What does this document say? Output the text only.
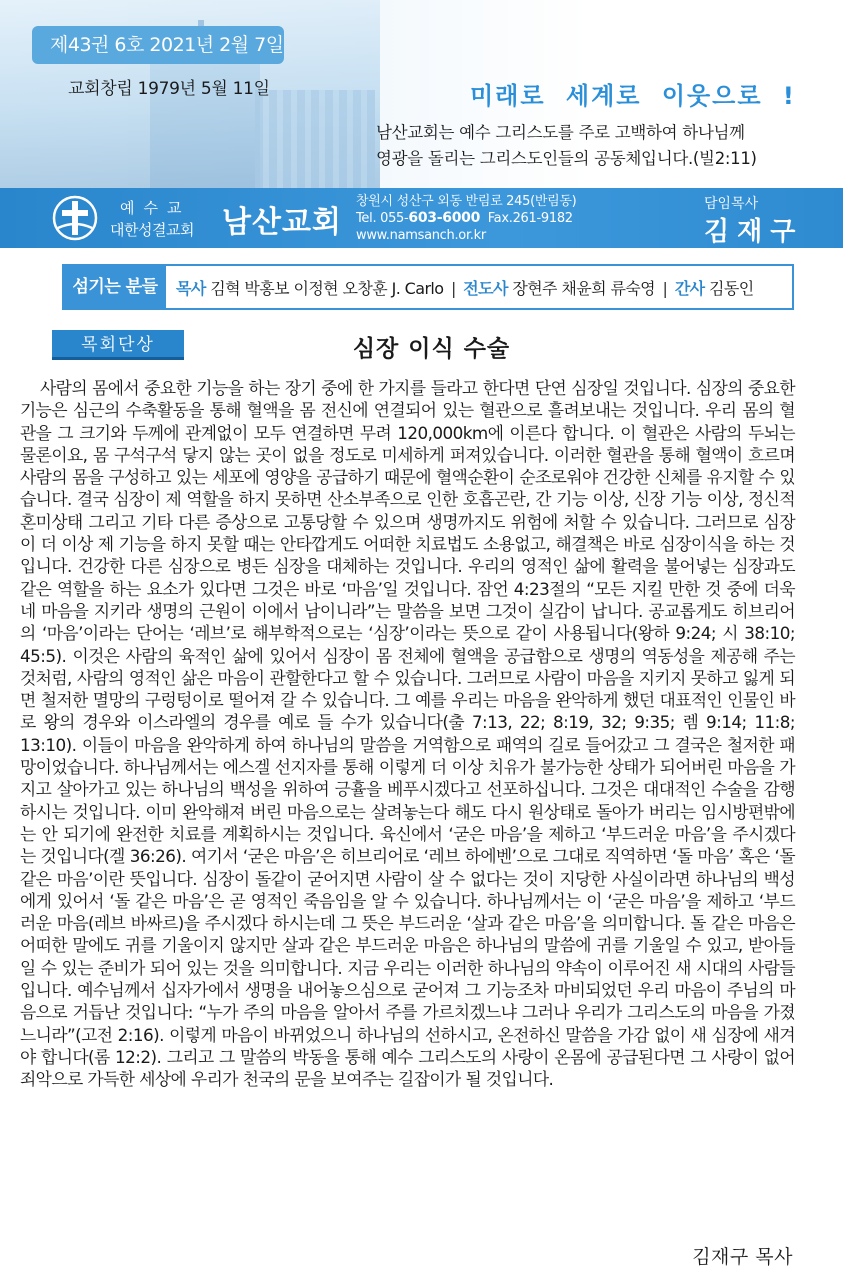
제43권 6호 2021년 2월 7일
교회창립 1979년 5월 11일	미래로 세계로 이웃으로 !
남산교회는 예수 그리스도를 주로 고백하여 하나님께
영광을 돌리는 그리스도인들의 공동체입니다.(빌2:11)
예수교
대한성결교회 남산교회
창원시 성산구 외동 반림로 245(반림동)
Tel. 055-603-6000 Fax.261-9182
www.namsanch.or.kr
담임목사
김재구
섬기는 분들	목사 김혁 박홍보 이정현 오창훈 J. Carlo | 전도사 장현주 채윤희 류숙영 | 간사 김동인
목회단상	심장 이식 수술

사람의 몸에서 중요한 기능을 하는 장기 중에 한 가지를 들라고 한다면 단연 심장일 것입니다. 심장의 중요한 기능은 심근의 수축활동을 통해 혈액을 몸 전신에 연결되어 있는 혈관으로 흘려보내는 것입니다. 우리 몸의 혈관을 그 크기와 두께에 관계없이 모두 연결하면 무려 120,000km에 이른다 합니다. 이 혈관은 사람의 두뇌는 물론이요, 몸 구석구석 닿지 않는 곳이 없을 정도로 미세하게 퍼져있습니다. 이러한 혈관을 통해 혈액이 흐르며 사람의 몸을 구성하고 있는 세포에 영양을 공급하기 때문에 혈액순환이 순조로워야 건강한 신체를 유지할 수 있습니다. 결국 심장이 제 역할을 하지 못하면 산소부족으로 인한 호흡곤란, 간 기능 이상, 신장 기능 이상, 정신적 혼미상태 그리고 기타 다른 증상으로 고통당할 수 있으며 생명까지도 위험에 처할 수 있습니다. 그러므로 심장이 더 이상 제 기능을 하지 못할 때는 안타깝게도 어떠한 치료법도 소용없고, 해결책은 바로 심장이식을 하는 것입니다. 건강한 다른 심장으로 병든 심장을 대체하는 것입니다. 우리의 영적인 삶에 활력을 불어넣는 심장과도 같은 역할을 하는 요소가 있다면 그것은 바로 ‘마음’일 것입니다. 잠언 4:23절의 “모든 지킬 만한 것 중에 더욱 네 마음을 지키라 생명의 근원이 이에서 남이니라”는 말씀을 보면 그것이 실감이 납니다. 공교롭게도 히브리어의 ‘마음’이라는 단어는 ‘레브’로 해부학적으로는 ‘심장’이라는 뜻으로 같이 사용됩니다(왕하 9:24; 시 38:10; 45:5). 이것은 사람의 육적인 삶에 있어서 심장이 몸 전체에 혈액을 공급함으로 생명의 역동성을 제공해 주는 것처럼, 사람의 영적인 삶은 마음이 관할한다고 할 수 있습니다. 그러므로 사람이 마음을 지키지 못하고 잃게 되면 철저한 멸망의 구렁텅이로 떨어져 갈 수 있습니다. 그 예를 우리는 마음을 완악하게 했던 대표적인 인물인 바로 왕의 경우와 이스라엘의 경우를 예로 들 수가 있습니다(출 7:13, 22; 8:19, 32; 9:35; 렘 9:14; 11:8; 13:10). 이들이 마음을 완악하게 하여 하나님의 말씀을 거역함으로 패역의 길로 들어갔고 그 결국은 철저한 패망이었습니다. 하나님께서는 에스겔 선지자를 통해 이렇게 더 이상 치유가 불가능한 상태가 되어버린 마음을 가지고 살아가고 있는 하나님의 백성을 위하여 긍휼을 베푸시겠다고 선포하십니다. 그것은 대대적인 수술을 감행하시는 것입니다. 이미 완악해져 버린 마음으로는 살려놓는다 해도 다시 원상태로 돌아가 버리는 임시방편밖에는 안 되기에 완전한 치료를 계획하시는 것입니다. 육신에서 ‘굳은 마음’을 제하고 ‘부드러운 마음’을 주시겠다는 것입니다(겔 36:26). 여기서 ‘굳은 마음’은 히브리어로 ‘레브 하에벤’으로 그대로 직역하면 ‘돌 마음’ 혹은 ‘돌 같은 마음’이란 뜻입니다. 심장이 돌같이 굳어지면 사람이 살 수 없다는 것이 지당한 사실이라면 하나님의 백성에게 있어서 ‘돌 같은 마음’은 곧 영적인 죽음임을 알 수 있습니다. 하나님께서는 이 ‘굳은 마음’을 제하고 ‘부드러운 마음(레브 바싸르)을 주시겠다 하시는데 그 뜻은 부드러운 ‘살과 같은 마음’을 의미합니다. 돌 같은 마음은 어떠한 말에도 귀를 기울이지 않지만 살과 같은 부드러운 마음은 하나님의 말씀에 귀를 기울일 수 있고, 받아들일 수 있는 준비가 되어 있는 것을 의미합니다. 지금 우리는 이러한 하나님의 약속이 이루어진 새 시대의 사람들입니다. 예수님께서 십자가에서 생명을 내어놓으심으로 굳어져 그 기능조차 마비되었던 우리 마음이 주님의 마음으로 거듭난 것입니다: “누가 주의 마음을 알아서 주를 가르치겠느냐 그러나 우리가 그리스도의 마음을 가졌느니라”(고전 2:16). 이렇게 마음이 바뀌었으니 하나님의 선하시고, 온전하신 말씀을 가감 없이 새 심장에 새겨야 합니다(롬 12:2). 그리고 그 말씀의 박동을 통해 예수 그리스도의 사랑이 온몸에 공급된다면 그 사랑이 없어 죄악으로 가득한 세상에 우리가 천국의 문을 보여주는 길잡이가 될 것입니다.

김재구 목사
